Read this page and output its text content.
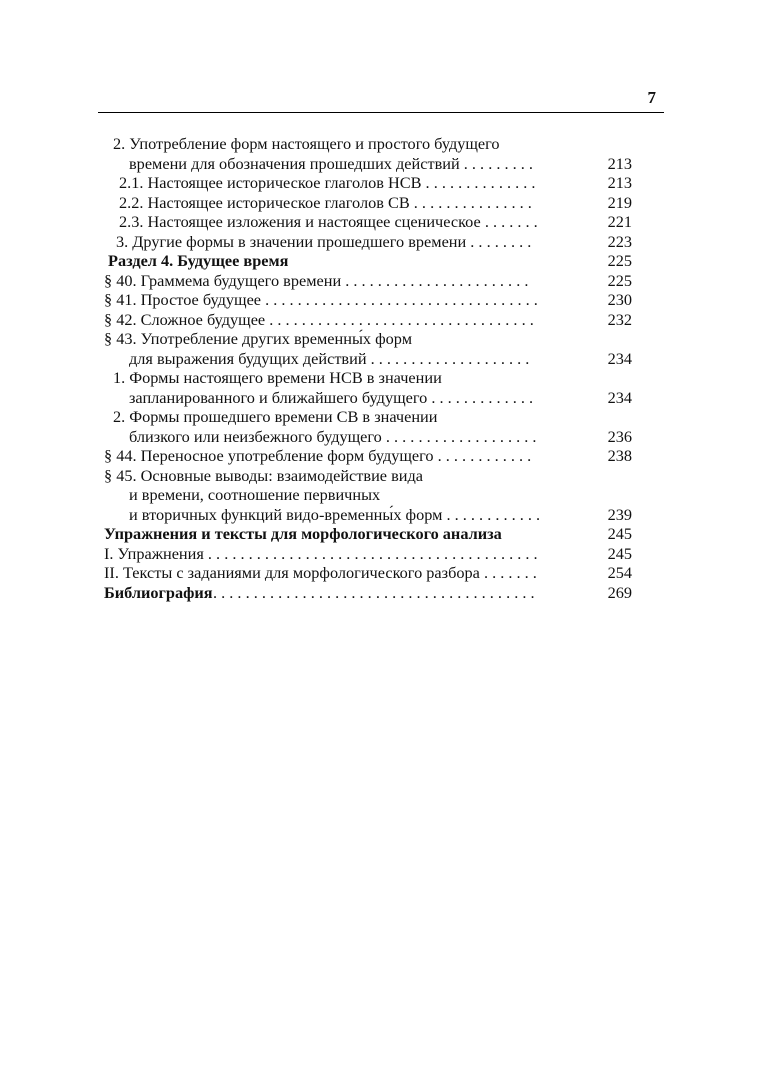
7
2. Употребление форм настоящего и простого будущего
времени для обозначения прошедших действий . . . . . . . . .	213
2.1. Настоящее историческое глаголов НСВ . . . . . . . . . . . . . .	213
2.2. Настоящее историческое глаголов СВ . . . . . . . . . . . . . . .	219
2.3. Настоящее изложения и настоящее сценическое . . . . . . .	221
3. Другие формы в значении прошедшего времени . . . . . . . .	223
Раздел 4. Будущее время	225
§ 40. Граммема будущего времени . . . . . . . . . . . . . . . . . . . . . . .	225
§ 41. Простое будущее . . . . . . . . . . . . . . . . . . . . . . . . . . . . . . . . . .	230
§ 42. Сложное будущее . . . . . . . . . . . . . . . . . . . . . . . . . . . . . . . . .	232
§ 43. Употребление других временны́х форм
для выражения будущих действий . . . . . . . . . . . . . . . . . . . .	234
1. Формы настоящего времени НСВ в значении
запланированного и ближайшего будущего . . . . . . . . . . . . .	234
2. Формы прошедшего времени СВ в значении
близкого или неизбежного будущего . . . . . . . . . . . . . . . . . . .	236
§ 44. Переносное употребление форм будущего . . . . . . . . . . . .	238
§ 45. Основные выводы: взаимодействие вида
и времени, соотношение первичных
и вторичных функций видо-временны́х форм . . . . . . . . . . . .	239
Упражнения и тексты для морфологического анализа	245
I. Упражнения . . . . . . . . . . . . . . . . . . . . . . . . . . . . . . . . . . . . . . . . .	245
II. Тексты с заданиями для морфологического разбора . . . . . . .	254
Библиография . . . . . . . . . . . . . . . . . . . . . . . . . . . . . . . . . . . . . . . .	269
